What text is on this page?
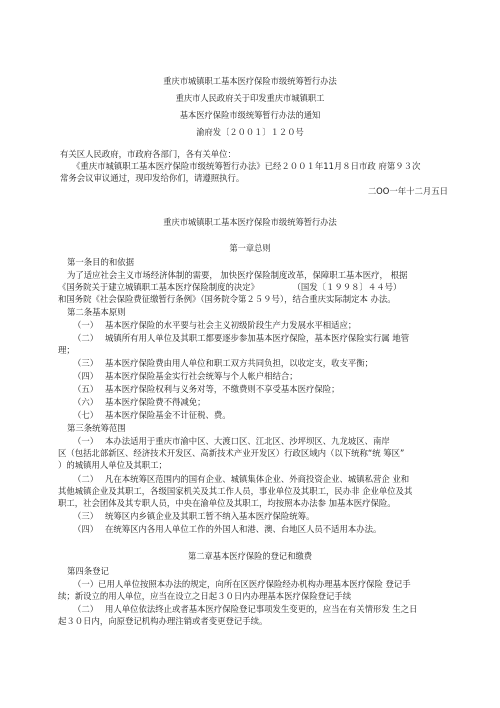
重庆市城镇职工基本医疗保险市级统筹暂行办法
重庆市人民政府关于印发重庆市城镇职工
基本医疗保险市级统筹暂行办法的通知
渝府发〔２００１〕１２０号
有关区人民政府，市政府各部门，各有关单位：
《重庆市城镇职工基本医疗保险市级统筹暂行办法》已经２００１年11月８日市政 府第９３次
常务会议审议通过，现印发给你们，请遵照执行。
二OO一年十二月五日
重庆市城镇职工基本医疗保险市级统筹暂行办法
第一章总则
第一条目的和依据
为了适应社会主义市场经济体制的需要， 加快医疗保险制度改革，保障职工基本医疗， 根据
《国务院关于建立城镇职工基本医疗保险制度的决定》　　　　　（国发〔１９９８〕４４号）
和国务院《社会保险费征缴暂行条例》（国务院令第２５９号），结合重庆实际制定本 办法。
第二条基本原则
（一）　 基本医疗保险的水平要与社会主义初级阶段生产力发展水平相适应；
（二）　 城镇所有用人单位及其职工都要逐步参加基本医疗保险，基本医疗保险实行属 地管
理；
（三）　 基本医疗保险费由用人单位和职工双方共同负担，以收定支，收支平衡；
（四）　 基本医疗保险基金实行社会统筹与个人帐户相结合；
（五）　 基本医疗保险权利与义务对等，不缴费则不享受基本医疗保险；
（六）　 基本医疗保险费不得减免；
（七）　 基本医疗保险基金不计征税、费。
第三条统筹范围
（一）　 本办法适用于重庆市渝中区、大渡口区、江北区、沙坪坝区、九龙坡区、南岸
区（包括北部新区、经济技术开发区、高新技术产业开发区）行政区域内（以下统称“统 筹区”
）的城镇用人单位及其职工；
（二）　 凡在本统筹区范围内的国有企业、城镇集体企业、外商投资企业、城镇私营企 业和
其他城镇企业及其职工，各级国家机关及其工作人员，事业单位及其职工，民办非 企业单位及其
职工，社会团体及其专职人员，中央在渝单位及其职工，均按照本办法参 加基本医疗保险。
（三）　 统筹区内乡镇企业及其职工暂不纳入基本医疗保险统筹。
（四）　 在统筹区内各用人单位工作的外国人和港、澳、台地区人员不适用本办法。
第二章基本医疗保险的登记和缴费
第四条登记
（一）已用人单位按照本办法的规定，向所在区医疗保险经办机构办理基本医疗保险 登记手
续；新设立的用人单位，应当在设立之日起３０日内办理基本医疗保险登记手续
（二）　 用人单位依法终止或者基本医疗保险登记事项发生变更的，应当在有关情形发 生之日
起３０日内，向原登记机构办理注销或者变更登记手续。
